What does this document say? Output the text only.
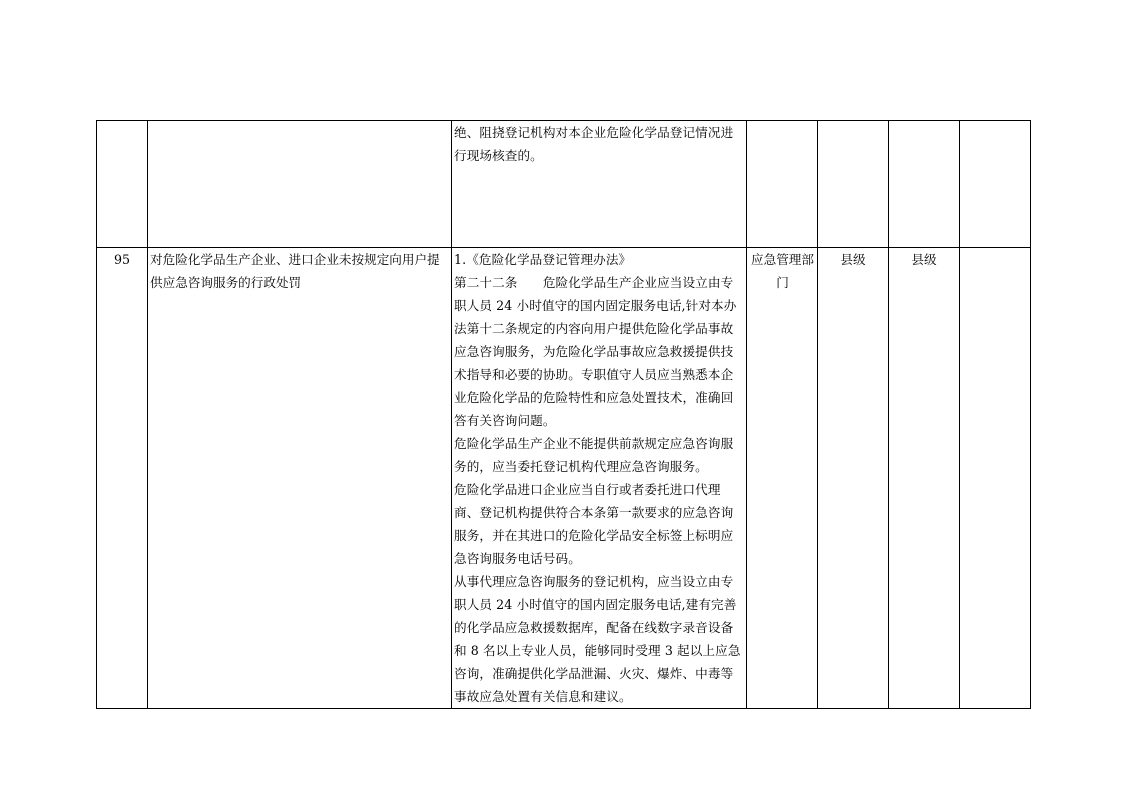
		绝、阻挠登记机构对本企业危险化学品登记情况进行现场核查的。				

95	对危险化学品生产企业、进口企业未按规定向用户提供应急咨询服务的行政处罚	1.《危险化学品登记管理办法》
第二十二条　　危险化学品生产企业应当设立由专职人员 24 小时值守的国内固定服务电话,针对本办法第十二条规定的内容向用户提供危险化学品事故应急咨询服务，为危险化学品事故应急救援提供技术指导和必要的协助。专职值守人员应当熟悉本企业危险化学品的危险特性和应急处置技术，准确回答有关咨询问题。
危险化学品生产企业不能提供前款规定应急咨询服务的，应当委托登记机构代理应急咨询服务。
危险化学品进口企业应当自行或者委托进口代理商、登记机构提供符合本条第一款要求的应急咨询服务，并在其进口的危险化学品安全标签上标明应急咨询服务电话号码。
从事代理应急咨询服务的登记机构，应当设立由专职人员 24 小时值守的国内固定服务电话,建有完善的化学品应急救援数据库，配备在线数字录音设备和 8 名以上专业人员，能够同时受理 3 起以上应急咨询，准确提供化学品泄漏、火灾、爆炸、中毒等事故应急处置有关信息和建议。	应急管理部门	县级	县级	
